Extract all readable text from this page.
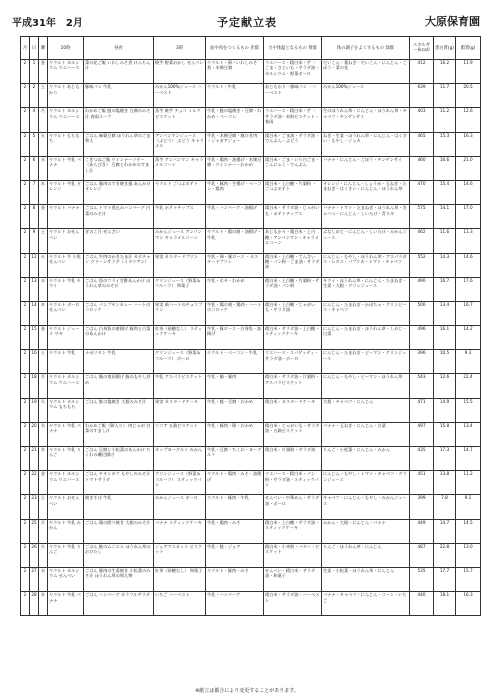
平成31年　2月	予定献立表	大原保育園
月	日	曜	10時	昼食	3時	血や肉をつくるもの 赤群	力や体温となるもの 黄群	体の調子をよくするもの 緑群	エネルギー(kcal)	蛋白質(g)	脂質(g)
2	1	金	ヤクルト カルシウム ウエハース	菜の花ご飯 いわしみそ煮 けんちん汁	焼芋 野菜おかし せんべい	ヤクルト・卵・いわしみそ煮・木綿豆腐	ウエハース・精白米・芋 ・ごま・さといも・サラダ油・カルシウム・野菜ボーロ	だいこん・葉ねぎ・だいこん・にんじん・ごぼう・菜の花	412	16.2	11.9
2	2	土	ヤクルト あじもかり	豚味パン 牛乳	みかん100%ジュース ハーベスト	ヤクルト・牛乳	あじもかり・豚味パン ・ハーベスト	みかん100%ジュース	639	11.7	20.5
2	4	月	ヤクルト カルシウム ウエハース	わかめご飯 鮭の塩焼き 豆腐のみそ汁 春雨スープ	蒸芋 焼芋 チョコ ミルクビスケット	牛乳・鮭の塩焼き・豆腐・わかめ・ベーコン	ウエハース・精白米・芋 ・サラダ油・米粉ビスケット・春雨	生のほうれん草・にんじん・ほうれん草・キャベツ・チンゲンサイ	403	11.2	12.6
2	5	火	ヤクルト もちもち	ごはん 麻婆豆腐 ほうれん草のごま和え	アンパンマンジュース（ぶどう） ぶどう キャラメル	牛乳・木綿豆腐・豚ひき肉 ・ジャガアジョー	精白米・ごま油・サラダ油・でんぷん・ぶどう	ねぎ・生姜・ほうれん草・にんじん・はくさい・もやし・ジョカ	465	15.3	16.3
2	6	水	ヤクルト 牛乳 バナナ	こぎつねご飯 ウインナーソテー（あらびき） 豆腐とわかめのすまし汁	蒸芋 アンパンマン キャラメルコーン	牛乳・鶏肉・油揚げ・木綿豆腐・ウインナー・わかめ	精白米・ごま・いり白ごま・こんにゃく・でんぷん	バナナ・にんじん・ごぼう・チンゲンサイ	460	16.6	21.0
2	7	木	ヤクルト 牛乳 オレンジ	ごはん 豚肉のすき焼き風 あんかけ オレンジ	ヤクルト ごつぶボテト	牛乳・豚肉・生揚げ・ベーコン・鶏肉	精白米・上白糖・片栗粉 ・ごつぶボテト	オレンジ・にんじん・しょうが・玉ねぎ・たまねぎ・はくさい・にんじん・ほうれん草	470	15.4	14.6
2	8	金	ヤクルト バナナ	ごはん トマト煮込みハンバーグ 白菜のみそ汁	牛乳 ポテトチップス	牛乳・ハンバーグ・油揚げ	精白米・サラダ油・じゃがいも・ポテトチップス	バナナ・トマト・たまねぎ・ほうれん草・きゃべつ・にんじん・しいたけ・青ネギ	575	14.1	17.0
2	9	土	ヤクルト おせんべい	ぎのこ汁 ぜんざい	みかんジュース アンパンマン キャラメルコーン	ヤクルト・鶏の刻・油揚げ・牛乳	あじもかり・精白米・上白糖・アンパンマン・キャラメルコーン	ぶなしめじ・にんじん・しいたけ・みかんジュース	462	11.6	11.3
2	12	火	ヤクルト 牛 小魚せんべい	ごはん 牛肉のかきたま汁 カボチャン グリーンサラダ（イタリアン）	果実 カスタードプリン	牛乳・卵・豚ロース ・カスタードプリン	精白米・上白糖・てんさい糖・パン粉・ごま油・サラダ油	にんじん・もやし・ほうれん草・アスパラガス・レタス・パプリカ・トマト・キャベツ	552	14.3	14.6
2	13	水	ヤクルト 牛乳 キウイ	ごはん 魚のフライ甘酢あんかけ ほうれん草のみそ汁	グリンジュース（野菜＆フルーツ） 和菓子	牛乳・ホキ・わかめ	精白米・上白糖・片栗粉・サラダ油・パン粉	キウイ・ほうれん草・にんじん・たまねぎ・生姜・大根・グリンジュース	490	16.7	17.6
2	14	木	ヤクルト ボーロ せんべい	ごはん パンプキンカレー ハートのコロッケ	果実 新ハートのチョコプリン	牛乳・鶏の刻・鶏肉・ハートのコロッケ	精白米・上白糖・じゃがいも・サラダ油	にんじん・たまねぎ・かぼちゃ・グリンピース・キャベツ	500	13.4	16.7
2	15	金	ヤクルト ジュース ワキ	ごはん 白身魚の唐揚げ 豚肉と白菜のあんかけ	紅茶（砂糖なし） スティックケーキ	牛乳・豚ロース・白身魚・油揚げ	精白米・サラダ油・上白糖・スティックケーキ	にんじん・たまねぎ・ほうれん草・しめじ・白菜	496	16.1	14.2
2	16	土	ヤクルト 牛乳	ナポリタン 牛乳	グリンジュース（野菜＆フルーツ） ボーロ	ヤクルト・ベーコン・牛乳	ウエハース・スパゲッティ・サラダ油・ボーロ	にんじん・たまねぎ・ピーマン・グリンジュース	396	10.5	9.3
2	18	月	ヤクルト カルシウム ウエハース	ごはん 鯖の竜田揚げ 豚のもやし炒め	牛乳 アスパラビスケット	牛乳・鯖・豚肉	精白米・サラダ油・片栗粉・アスパラビスケット	にんじん・もやし・ピーマン・ほうれん草	543	12.6	22.4
2	19	火	ヤクルト カルシウム もちもち	ごはん 鮭の塩焼き 大根のみそ汁	果実 カスタードケーキ	牛乳・鮭・豆腐・わかめ	精白米・カスタードケーキ	大根・キャベツ・にんじん	471	14.9	15.5
2	20	水	ヤクルト 牛乳 バナナ	わかめご飯（卵入り） 肉じゃが 白菜のすまし汁	ココア 五穀ビスケット	牛乳・豚肉・卵・わかめ	精白米・じゃがいも・サラダ油・五穀ビスケット	バナナ・玉ねぎ・にんじん・白菜	497	15.8	13.4
2	21	木	ヤクルト 牛乳 りんご	ごはん 豆腐と小松菜のあんかけ ちくわの磯辺揚げ	カップヨーグルト みかん	牛乳・豆腐・ちくわ・ヨーグルト	精白米・片栗粉・サラダ油	りんご・小松菜・にんじん・みかん	435	17.3	14.7
2	22	金	ヤクルト カルシウム ウエハース	ごはん チキンカツ もやしのみそ汁 トマトサラダ	グリンジュース（野菜＆フルーツ） スティックパン	ヤクルト・鶏肉・みそ・油揚げ	ウエハース・精白米・パン粉・サラダ油・スティックパン	にんじん・もやし・トマト・キャベツ・グリンジュース	451	13.8	11.2
2	23	土	ヤクルト おせんべい	焼きそば 牛乳	みかんジュース ボーロ	ヤクルト・豚肉・牛乳	せんべい・中華めん・サラダ油・ボーロ	キャベツ・にんじん・もやし・みかんジュース	399	7.8	9.1
2	25	月	ヤクルト 牛乳 みかん	ごはん 鶏の照り焼き 大根のみそ汁	バナナ スティックケーキ	牛乳・鶏肉・みそ	精白米・上白糖・サラダ油・スティックケーキ	みかん・大根・にんじん・バナナ	449	14.7	14.5
2	26	火	ヤクルト 牛乳 りんご	ごはん 鮭のムニエル ほうれん草のおひたし	ジョアマスカット ビスケット	牛乳・鮭・ジョア	精白米・小麦粉・バター・ビスケット	りんご・ほうれん草・にんじん	487	22.8	13.0
2	27	水	ヤクルト カルシウム せんべい	ごはん 豚肉の生姜焼き 小松菜のみそ汁 ほうれん草の和え物	紅茶（砂糖なし） 和菓子	ヤクルト・豚肉・みそ	せんべい・精白米・サラダ油・和菓子	生姜・小松菜・ほうれん草・にんじん	535	17.7	15.7
2	28	木	ヤクルト 牛乳 バナナ	ごはん ハンバーグ カラフルサラダ	いちご ハーベスト	牛乳・ハンバーグ	精白米・サラダ油・ハーベスト	バナナ・キャベツ・にんじん・コーン・いちご	440	18.1	16.3
※献立は都合により変更することがあります。
